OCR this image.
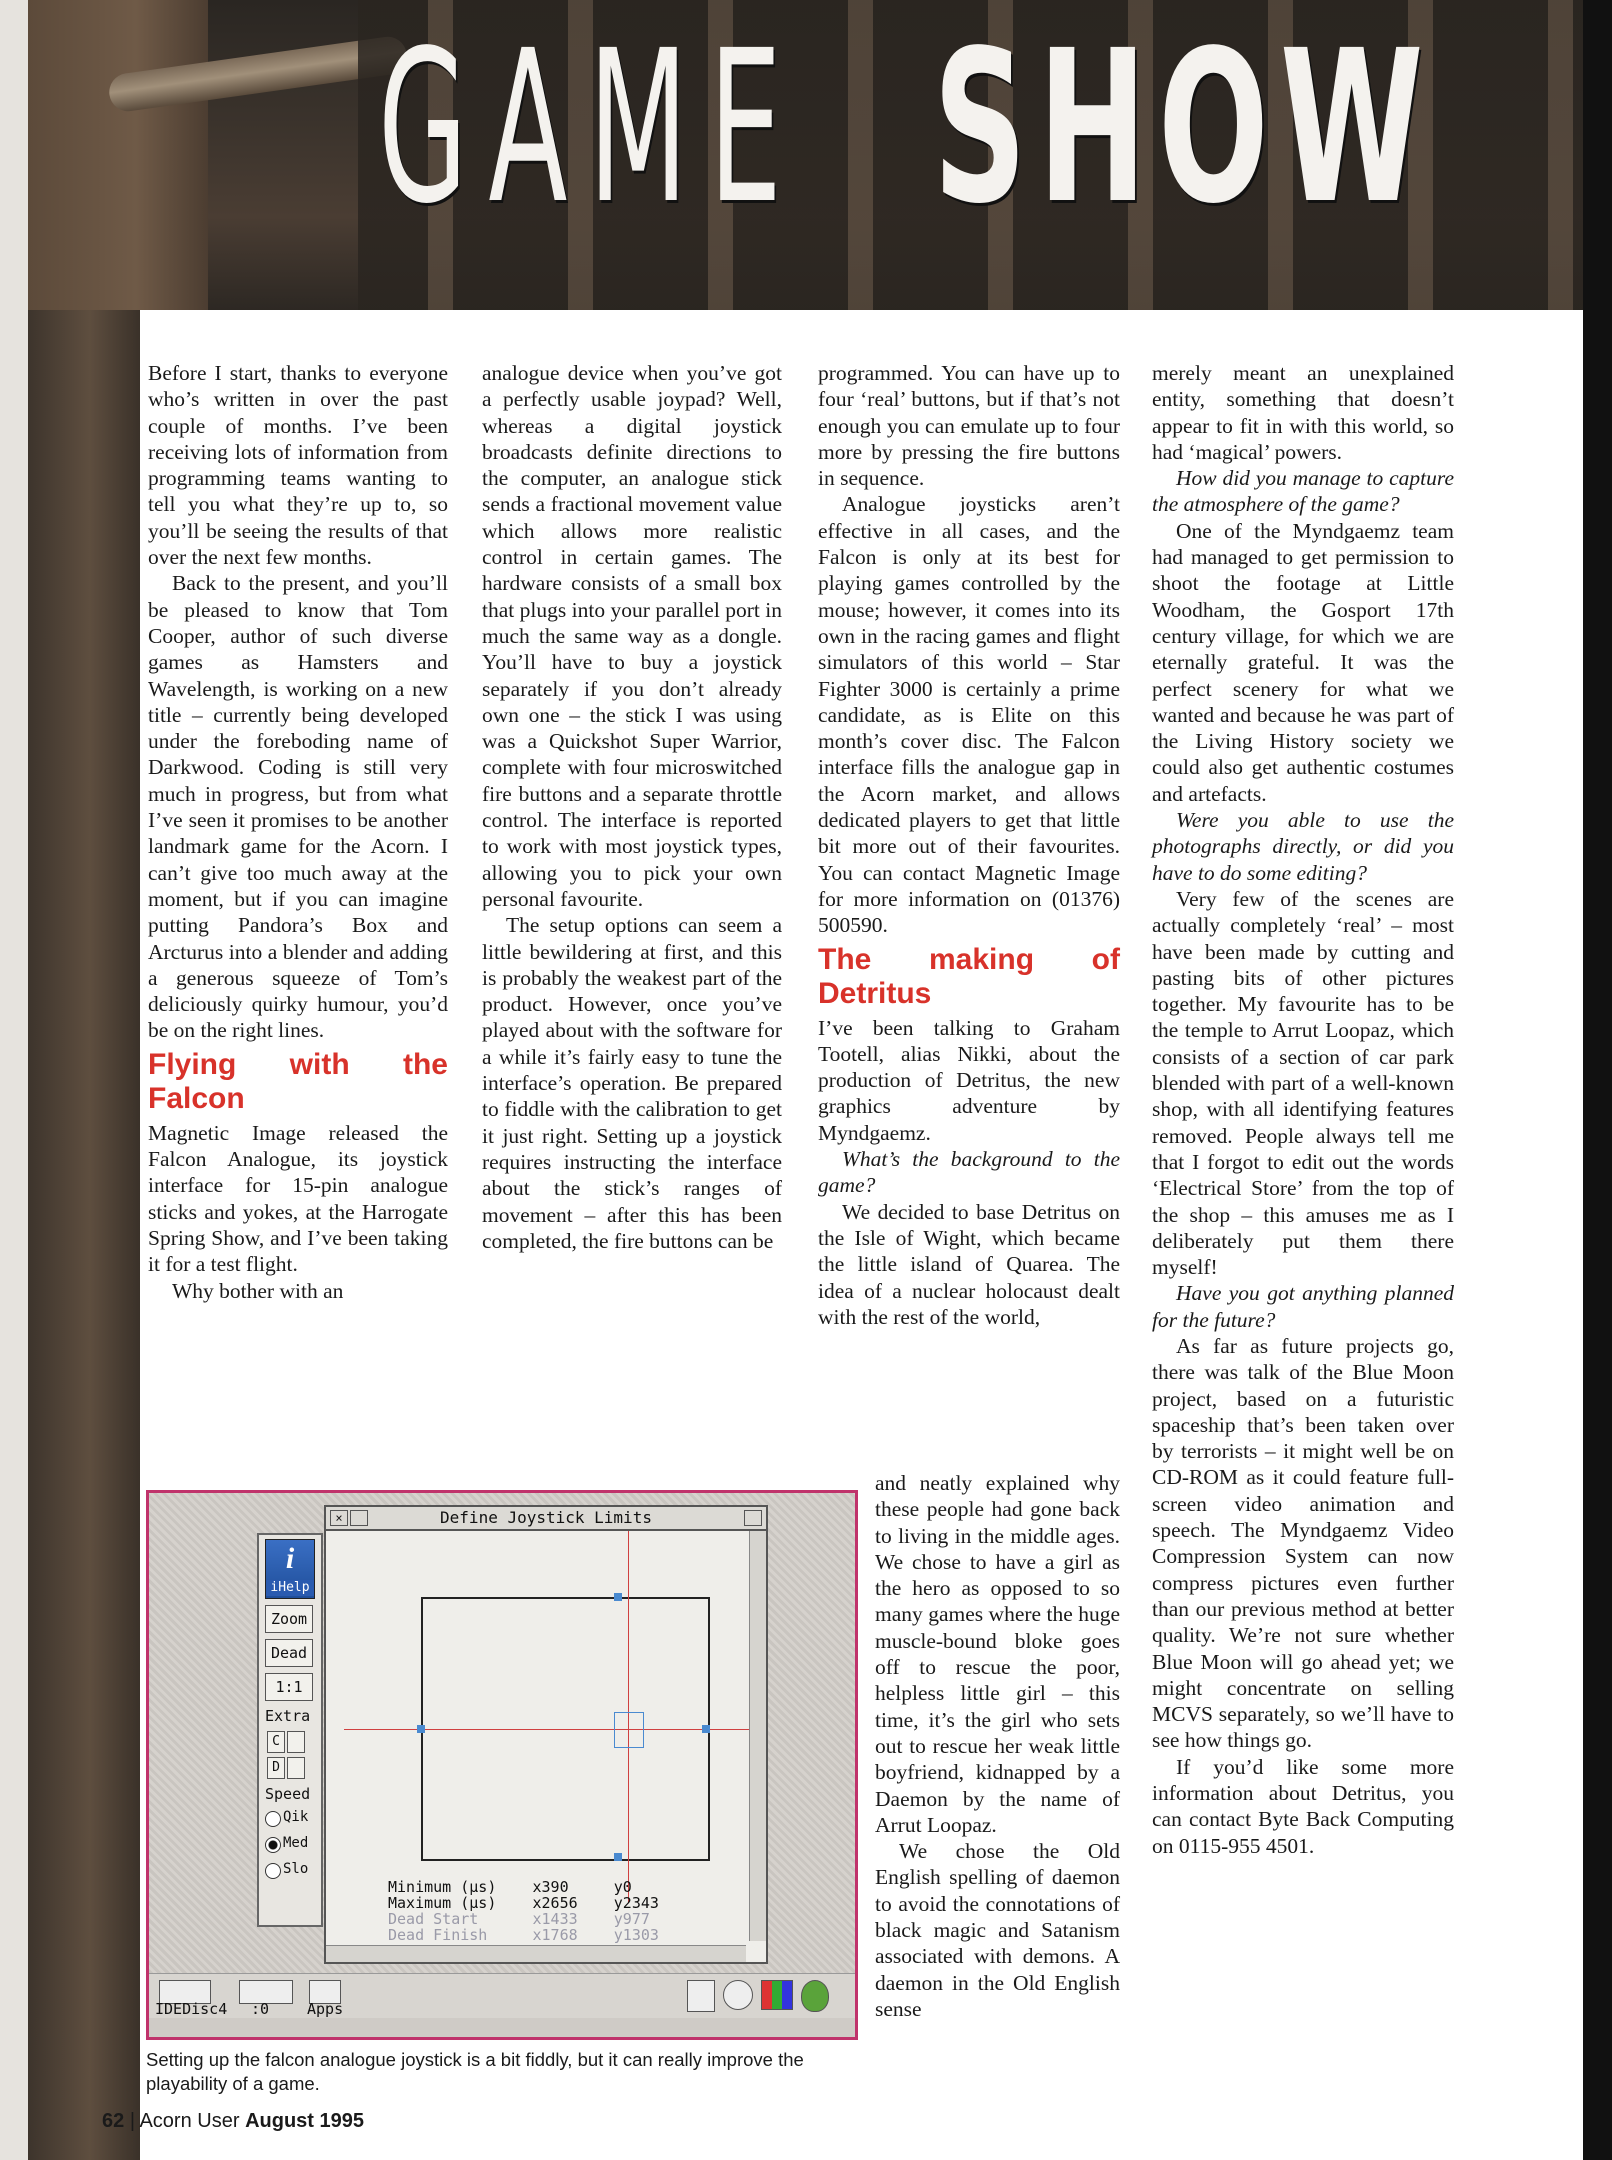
GAME SHOW

Before I start, thanks to everyone who’s written in over the past couple of months. I’ve been receiving lots of information from programming teams wanting to tell you what they’re up to, so you’ll be seeing the results of that over the next few months.

Back to the present, and you’ll be pleased to know that Tom Cooper, author of such diverse games as Hamsters and Wavelength, is working on a new title – currently being developed under the foreboding name of Darkwood. Coding is still very much in progress, but from what I’ve seen it promises to be another landmark game for the Acorn. I can’t give too much away at the moment, but if you can imagine putting Pandora’s Box and Arcturus into a blender and adding a generous squeeze of Tom’s deliciously quirky humour, you’d be on the right lines.

Flying with the Falcon

Magnetic Image released the Falcon Analogue, its joystick interface for 15-pin analogue sticks and yokes, at the Harrogate Spring Show, and I’ve been taking it for a test flight.

Why bother with an

analogue device when you’ve got a perfectly usable joypad? Well, whereas a digital joystick broadcasts definite directions to the computer, an analogue stick sends a fractional movement value which allows more realistic control in certain games. The hardware consists of a small box that plugs into your parallel port in much the same way as a dongle. You’ll have to buy a joystick separately if you don’t already own one – the stick I was using was a Quickshot Super Warrior, complete with four microswitched fire buttons and a separate throttle control. The interface is reported to work with most joystick types, allowing you to pick your own personal favourite.

The setup options can seem a little bewildering at first, and this is probably the weakest part of the product. However, once you’ve played about with the software for a while it’s fairly easy to tune the interface’s operation. Be prepared to fiddle with the calibration to get it just right. Setting up a joystick requires instructing the interface about the stick’s ranges of movement – after this has been completed, the fire buttons can be

programmed. You can have up to four ‘real’ buttons, but if that’s not enough you can emulate up to four more by pressing the fire buttons in sequence.

Analogue joysticks aren’t effective in all cases, and the Falcon is only at its best for playing games controlled by the mouse; however, it comes into its own in the racing games and flight simulators of this world – Star Fighter 3000 is certainly a prime candidate, as is Elite on this month’s cover disc. The Falcon interface fills the analogue gap in the Acorn market, and allows dedicated players to get that little bit more out of their favourites. You can contact Magnetic Image for more information on (01376) 500590.

The making of Detritus

I’ve been talking to Graham Tootell, alias Nikki, about the production of Detritus, the new graphics adventure by Myndgaemz.

What’s the background to the game?

We decided to base Detritus on the Isle of Wight, which became the little island of Quarea. The idea of a nuclear holocaust dealt with the rest of the world,

and neatly explained why these people had gone back to living in the middle ages. We chose to have a girl as the hero as opposed to so many games where the huge muscle-bound bloke goes off to rescue the poor, helpless little girl – this time, it’s the girl who sets out to rescue her weak little boyfriend, kidnapped by a Daemon by the name of Arrut Loopaz.

We chose the Old English spelling of daemon to avoid the connotations of black magic and Satanism associated with demons. A daemon in the Old English sense

merely meant an unexplained entity, something that doesn’t appear to fit in with this world, so had ‘magical’ powers.

How did you manage to capture the atmosphere of the game?

One of the Myndgaemz team had managed to get permission to shoot the footage at Little Woodham, the Gosport 17th century village, for which we are eternally grateful. It was the perfect scenery for what we wanted and because he was part of the Living History society we could also get authentic costumes and artefacts.

Were you able to use the photographs directly, or did you have to do some editing?

Very few of the scenes are actually completely ‘real’ – most have been made by cutting and pasting bits of other pictures together. My favourite has to be the temple to Arrut Loopaz, which consists of a section of car park blended with part of a well-known shop, with all identifying features removed. People always tell me that I forgot to edit out the words ‘Electrical Store’ from the top of the shop – this amuses me as I deliberately put them there myself!

Have you got anything planned for the future?

As far as future projects go, there was talk of the Blue Moon project, based on a futuristic spaceship that’s been taken over by terrorists – it might well be on CD-ROM as it could feature full-screen video animation and speech. The Myndgaemz Video Compression System can now compress pictures even further than our previous method at better quality. We’re not sure whether Blue Moon will go ahead yet; we might concentrate on selling MCVS separately, so we’ll have to see how things go.

If you’d like some more information about Detritus, you can contact Byte Back Computing on 0115-955 4501.

i
iHelp
Zoom
Dead
1:1
Extra
C
D
Speed
Qik
Med
Slo
Define Joystick Limits
×
Minimum (µs)    x390     y0
Maximum (µs)    x2656    y2343
Dead Start      x1433    y977
Dead Finish     x1768    y1303
IDEDisc4 :0	Apps
Setting up the falcon analogue joystick is a bit fiddly, but it can really improve the playability of a game.
62 | Acorn User August 1995
